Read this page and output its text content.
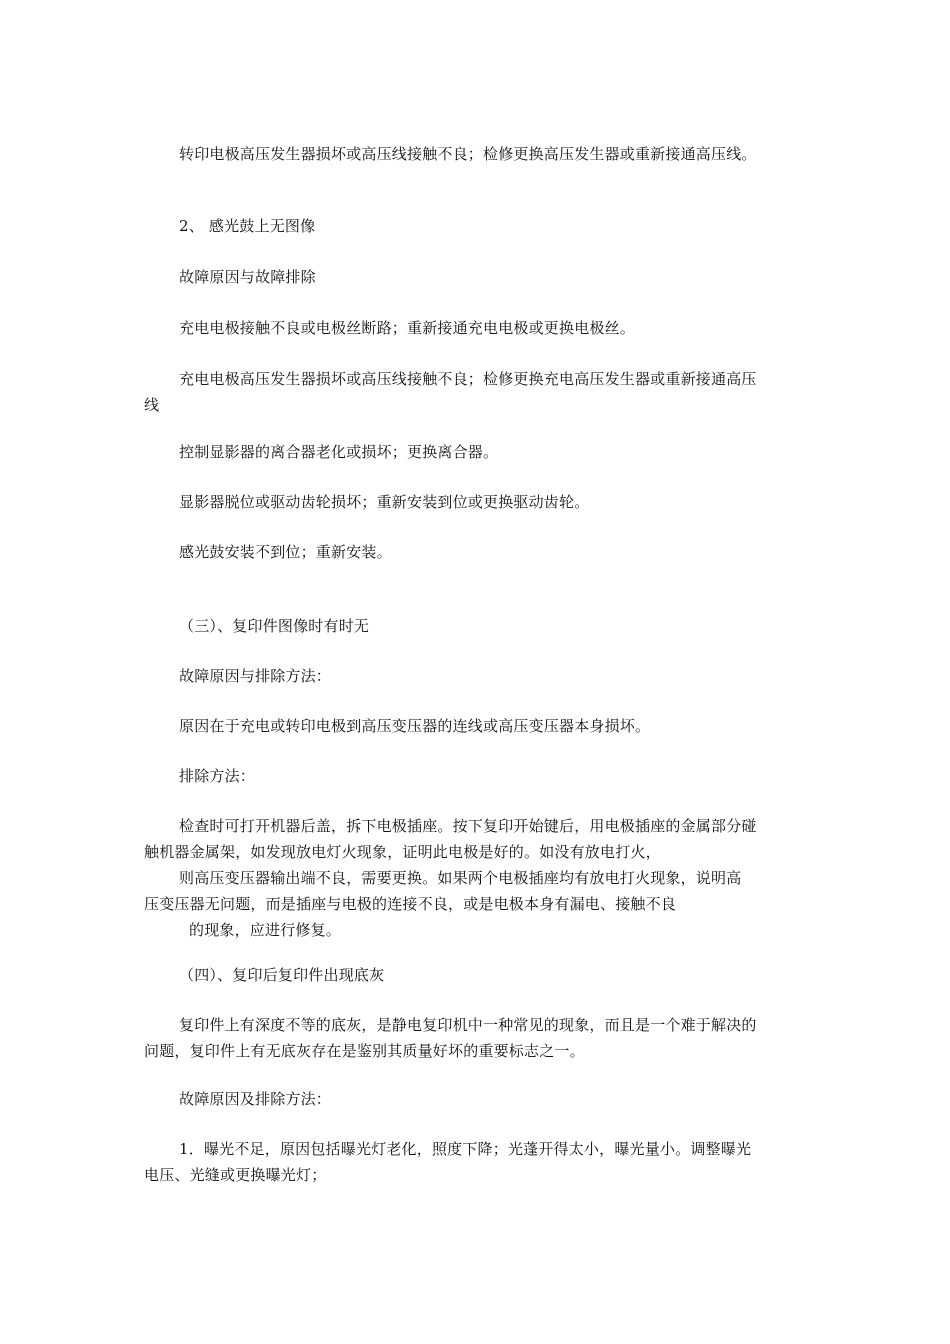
转印电极高压发生器损坏或高压线接触不良；检修更换高压发生器或重新接通高压线。
2、 感光鼓上无图像
故障原因与故障排除
充电电极接触不良或电极丝断路；重新接通充电电极或更换电极丝。
充电电极高压发生器损坏或高压线接触不良；检修更换充电高压发生器或重新接通高压
线
控制显影器的离合器老化或损坏；更换离合器。
显影器脱位或驱动齿轮损坏；重新安装到位或更换驱动齿轮。
感光鼓安装不到位；重新安装。
（三）、复印件图像时有时无
故障原因与排除方法：
原因在于充电或转印电极到高压变压器的连线或高压变压器本身损坏。
排除方法：
检查时可打开机器后盖，拆下电极插座。按下复印开始键后，用电极插座的金属部分碰
触机器金属架，如发现放电灯火现象，证明此电极是好的。如没有放电打火，
则高压变压器输出端不良，需要更换。如果两个电极插座均有放电打火现象，说明高
压变压器无问题，而是插座与电极的连接不良，或是电极本身有漏电、接触不良
的现象，应进行修复。
（四）、复印后复印件出现底灰
复印件上有深度不等的底灰，是静电复印机中一种常见的现象，而且是一个难于解决的
问题，复印件上有无底灰存在是鉴别其质量好坏的重要标志之一。
故障原因及排除方法：
1．曝光不足，原因包括曝光灯老化，照度下降；光蓬开得太小，曝光量小。调整曝光
电压、光缝或更换曝光灯；
